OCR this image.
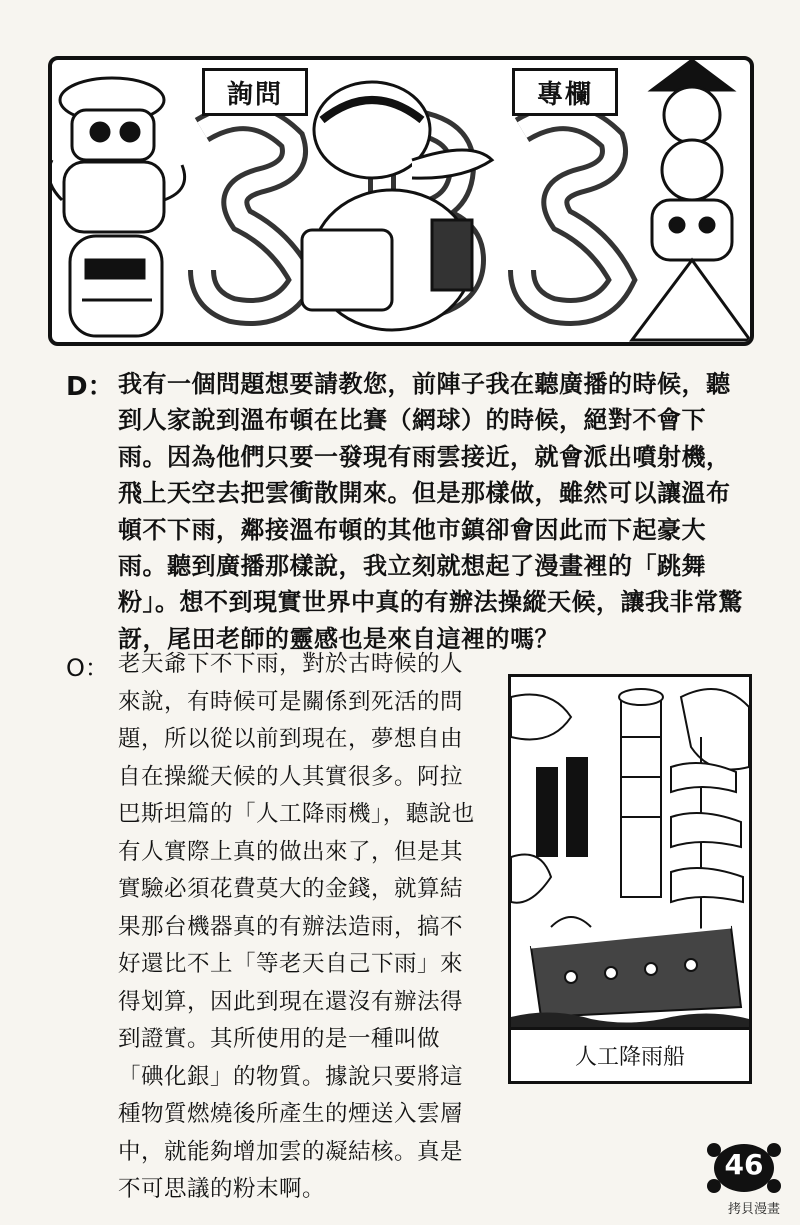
詢問	專欄
D： 我有一個問題想要請教您，前陣子我在聽廣播的時候，聽到人家說到溫布頓在比賽（網球）的時候，絕對不會下雨。因為他們只要一發現有雨雲接近，就會派出噴射機，飛上天空去把雲衝散開來。但是那樣做，雖然可以讓溫布頓不下雨，鄰接溫布頓的其他市鎮卻會因此而下起豪大雨。聽到廣播那樣說，我立刻就想起了漫畫裡的「跳舞粉」。想不到現實世界中真的有辦法操縱天候，讓我非常驚訝，尾田老師的靈感也是來自這裡的嗎？

O： 老天爺下不下雨，對於古時候的人來說，有時候可是關係到死活的問題，所以從以前到現在，夢想自由自在操縱天候的人其實很多。阿拉巴斯坦篇的「人工降雨機」，聽說也有人實際上真的做出來了，但是其實驗必須花費莫大的金錢，就算結果那台機器真的有辦法造雨，搞不好還比不上「等老天自己下雨」來得划算，因此到現在還沒有辦法得到證實。其所使用的是一種叫做「碘化銀」的物質。據說只要將這種物質燃燒後所產生的煙送入雲層中，就能夠增加雲的凝結核。真是不可思議的粉末啊。

人工降雨船
46
拷貝漫畫
